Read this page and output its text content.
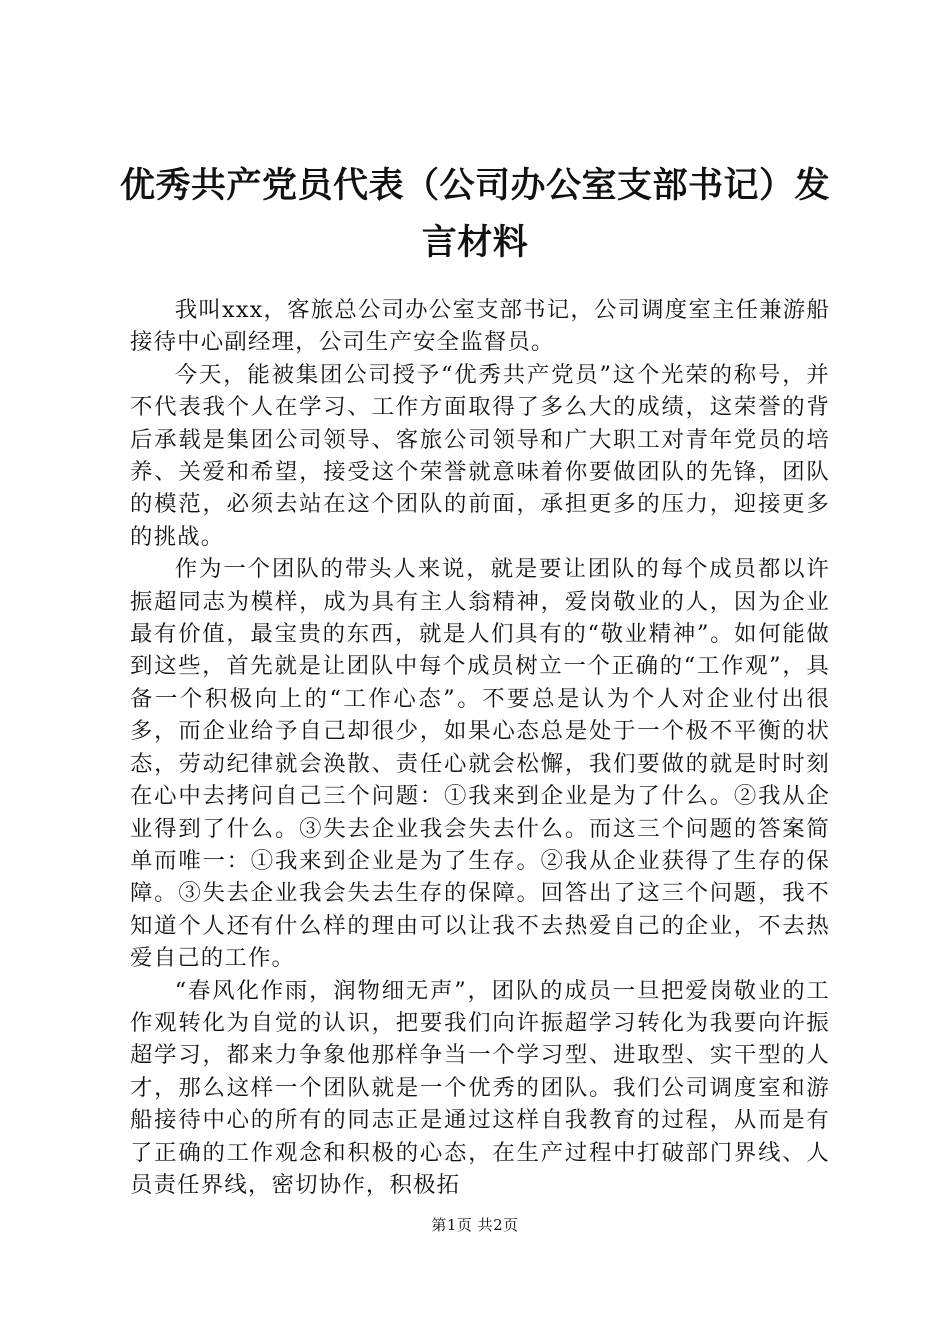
优秀共产党员代表（公司办公室支部书记）发言材料

我叫xxx，客旅总公司办公室支部书记，公司调度室主任兼游船接待中心副经理，公司生产安全监督员。

今天，能被集团公司授予“优秀共产党员”这个光荣的称号，并不代表我个人在学习、工作方面取得了多么大的成绩，这荣誉的背后承载是集团公司领导、客旅公司领导和广大职工对青年党员的培养、关爱和希望，接受这个荣誉就意味着你要做团队的先锋，团队的模范，必须去站在这个团队的前面，承担更多的压力，迎接更多的挑战。

作为一个团队的带头人来说，就是要让团队的每个成员都以许振超同志为模样，成为具有主人翁精神，爱岗敬业的人，因为企业最有价值，最宝贵的东西，就是人们具有的“敬业精神”。如何能做到这些，首先就是让团队中每个成员树立一个正确的“工作观”，具备一个积极向上的“工作心态”。不要总是认为个人对企业付出很多，而企业给予自己却很少，如果心态总是处于一个极不平衡的状态，劳动纪律就会涣散、责任心就会松懈，我们要做的就是时时刻在心中去拷问自己三个问题：①我来到企业是为了什么。②我从企业得到了什么。③失去企业我会失去什么。而这三个问题的答案简单而唯一：①我来到企业是为了生存。②我从企业获得了生存的保障。③失去企业我会失去生存的保障。回答出了这三个问题，我不知道个人还有什么样的理由可以让我不去热爱自己的企业，不去热爱自己的工作。

“春风化作雨，润物细无声”，团队的成员一旦把爱岗敬业的工作观转化为自觉的认识，把要我们向许振超学习转化为我要向许振超学习，都来力争象他那样争当一个学习型、进取型、实干型的人才，那么这样一个团队就是一个优秀的团队。我们公司调度室和游船接待中心的所有的同志正是通过这样自我教育的过程，从而是有了正确的工作观念和积极的心态，在生产过程中打破部门界线、人员责任界线，密切协作，积极拓

第1页 共2页
